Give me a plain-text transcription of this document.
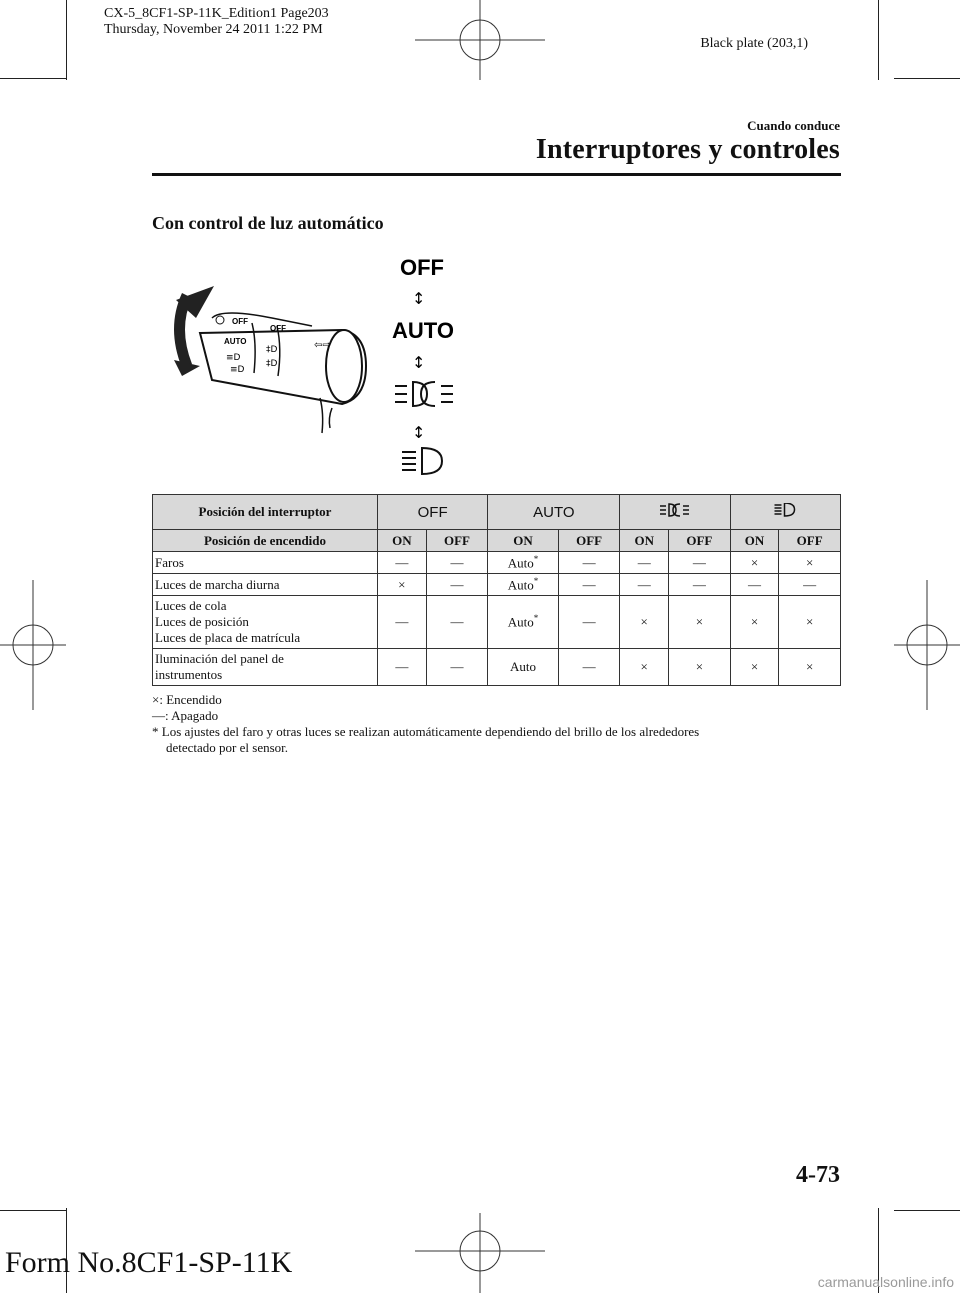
CX-5_8CF1-SP-11K_Edition1 Page203
Thursday, November 24 2011 1:22 PM
Black plate (203,1)
Cuando conduce
Interruptores y controles
Con control de luz automático
OFF
AUTO
OFF
≡D
≡D
‡D
‡D
⇦⇨
OFF
↕
AUTO
↕
↕
Posición del interruptor	OFF		AUTO		
Posición de encendido	ON	OFF	ON	OFF	ON	OFF	ON	OFF

Faros	—	—	Auto*	—	—	—	×	×

Luces de marcha diurna	×	—	Auto*	—	—	—	—	—

Luces de cola
Luces de posición
Luces de placa de matrícula	—	—	Auto*	—	×	×	×	×

Iluminación del panel de
instrumentos	—	—	Auto	—	×	×	×	×
×: Encendido
—: Apagado
* Los ajustes del faro y otras luces se realizan automáticamente dependiendo del brillo de los alrededores
detectado por el sensor.
4-73
Form No.8CF1-SP-11K
carmanualsonline.info
